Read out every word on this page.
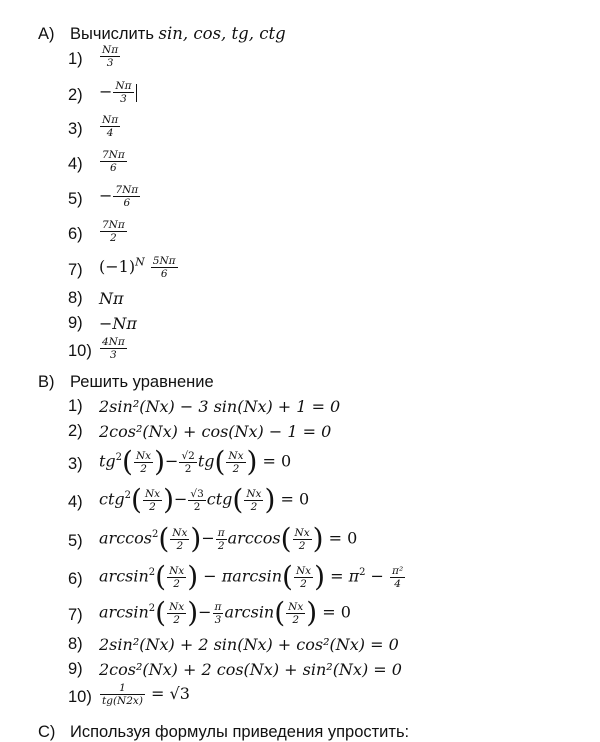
A) Вычислить sin, cos, tg, ctg
$1) \frac{N\pi}{3}$
$2) - \frac{N\pi}{3}$
$3) \frac{N\pi}{4}$
$4) \frac{7N\pi}{6}$
$5) - \frac{7N\pi}{6}$
$6) \frac{7N\pi}{2}$
7) $(-1)^N \frac{5N\pi}{6}$
8) Nπ
9) −Nπ
$10) \frac{4N\pi}{3}$
B) Решить уравнение
1) 2sin²(Nx) − 3 sin(Nx) + 1 = 0
2) 2cos²(Nx) + cos(Nx) − 1 = 0
3) $tg^2( \frac{Nx}{2}$ )− $\frac{√2}{2} tg( \frac{Nx}{2}$ ) = 0
4) $ctg^2( \frac{Nx}{2}$ )− $\frac{√3}{2} ctg( \frac{Nx}{2}$ ) = 0
5) $\arccos^2( \frac{Nx}{2}$ )− $\frac{\pi}{2} \arccos( \frac{Nx}{2}$ ) = 0
6) $\arcsin^2( \frac{Nx}{2}$ ) − $\pi\arcsin( \frac{Nx}{2}$ ) = $\pi^2 - \frac{\text{π²}}{4}$
7) $\arcsin^2( \frac{Nx}{2}$ )− $\frac{\pi}{3} \arcsin( \frac{Nx}{2}$ ) = 0
8) 2sin²(Nx) + 2 sin(Nx) + cos²(Nx) = 0
9) 2cos²(Nx) + 2 cos(Nx) + sin²(Nx) = 0
$10) \frac{1}{tg(N2x)} = √3$
C) Используя формулы приведения упростить:
